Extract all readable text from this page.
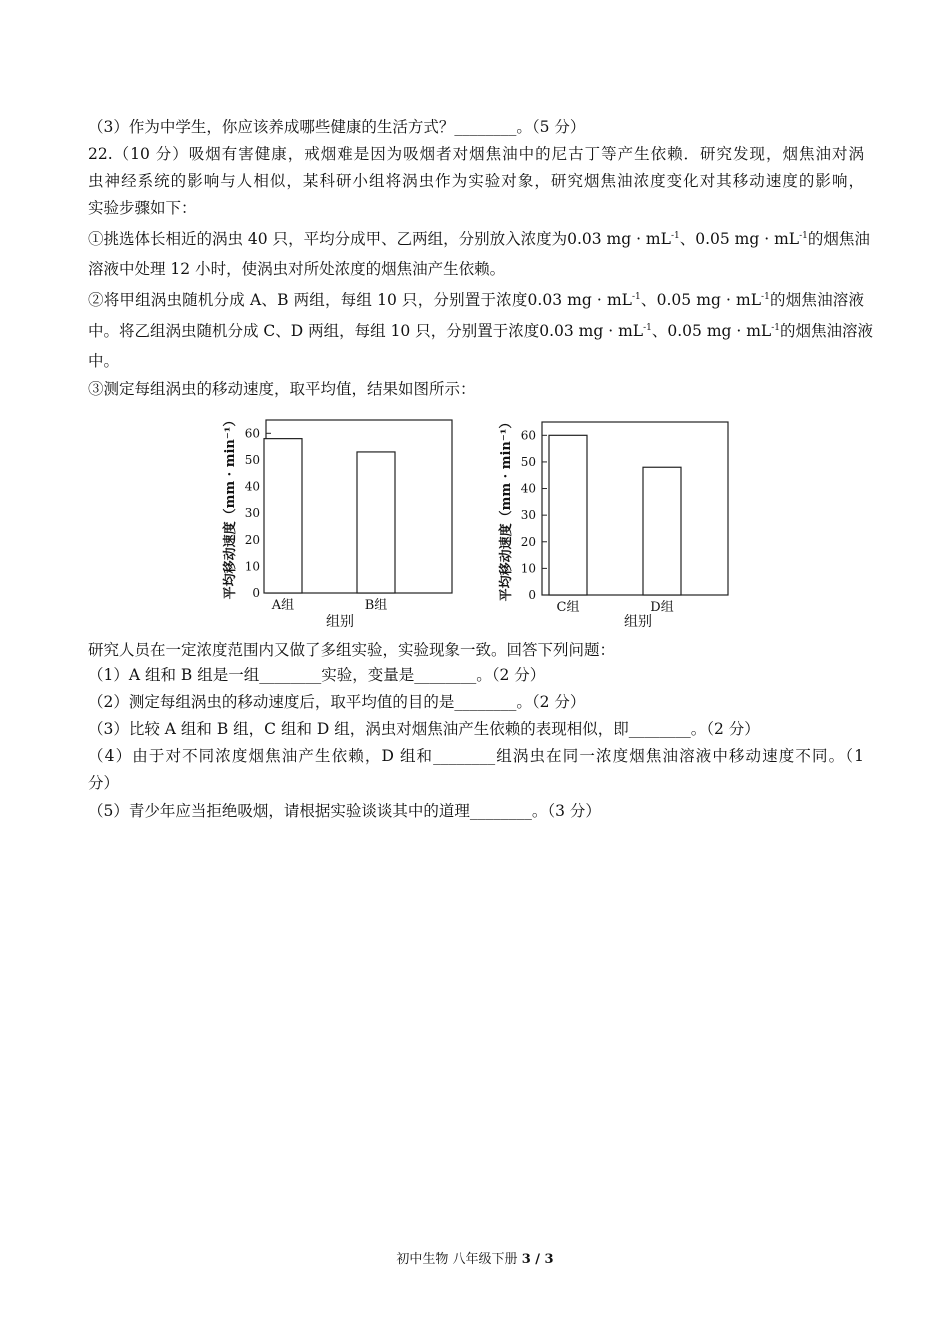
（3）作为中学生，你应该养成哪些健康的生活方式？________。（5 分）
22.（10 分）吸烟有害健康，戒烟难是因为吸烟者对烟焦油中的尼古丁等产生依赖．研究发现，烟焦油对涡
虫神经系统的影响与人相似，某科研小组将涡虫作为实验对象，研究烟焦油浓度变化对其移动速度的影响，
实验步骤如下：
①挑选体长相近的涡虫 40 只，平均分成甲、乙两组，分别放入浓度为0.03 mg · $mL^{-1}$、0.05 mg · $mL^{-1}$的烟焦油
溶液中处理 12 小时，使涡虫对所处浓度的烟焦油产生依赖。
②将甲组涡虫随机分成 A、B 两组，每组 10 只，分别置于浓度0.03 mg · $mL^{-1}$、0.05 mg · $mL^{-1}$的烟焦油溶液
中。将乙组涡虫随机分成 C、D 两组，每组 10 只，分别置于浓度0.03 mg · $mL^{-1}$、0.05 mg · $mL^{-1}$的烟焦油溶液
中。
③测定每组涡虫的移动速度，取平均值，结果如图所示：
平均移动速度（mm · min⁻¹） 0
10
20
30
40
50
60
A组	B组
组别
平均移动速度（mm · min⁻¹） 0
10
20
30
40
50
60
C组	D组
组别
研究人员在一定浓度范围内又做了多组实验，实验现象一致。回答下列问题：
（1）A 组和 B 组是一组________实验，变量是________。（2 分）
（2）测定每组涡虫的移动速度后，取平均值的目的是________。（2 分）
（3）比较 A 组和 B 组，C 组和 D 组，涡虫对烟焦油产生依赖的表现相似，即________。（2 分）
（4）由于对不同浓度烟焦油产生依赖，D 组和________组涡虫在同一浓度烟焦油溶液中移动速度不同。（1
分）
（5）青少年应当拒绝吸烟，请根据实验谈谈其中的道理________。（3 分）
初中生物 八年级下册 3 / 3
